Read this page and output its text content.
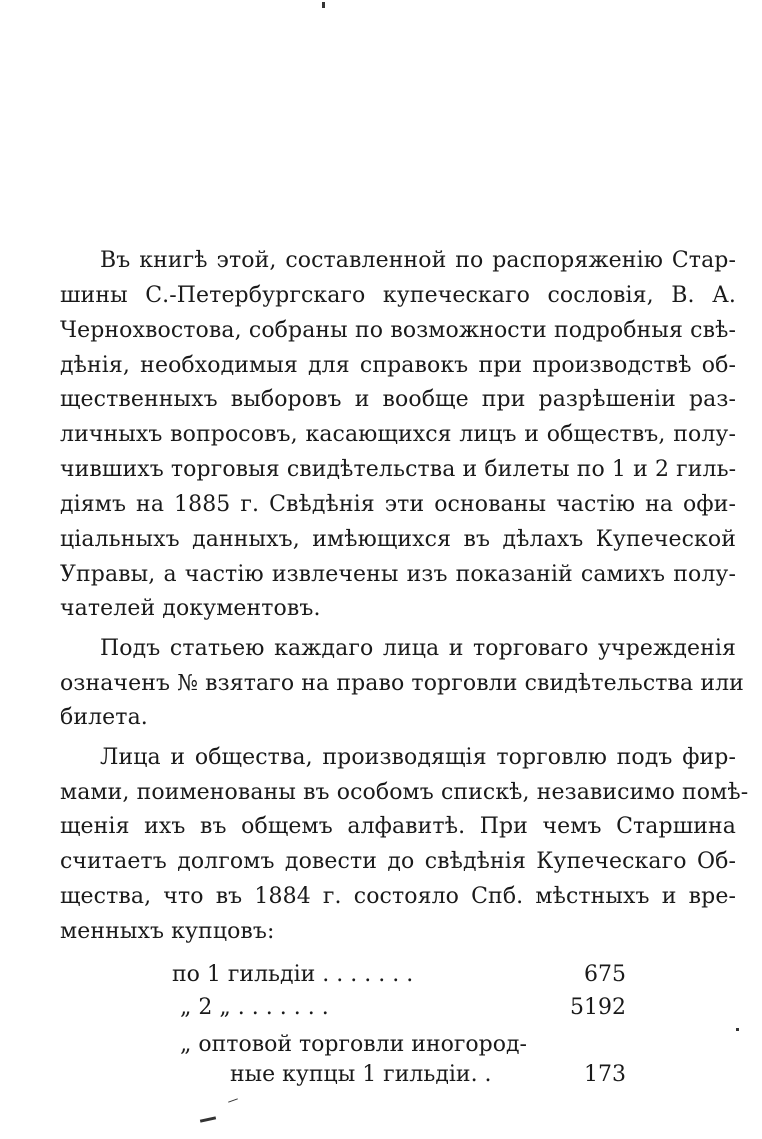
Въ книгѣ этой, составленной по распоряженію Стар-
шины С.-Петербургскаго купеческаго сословія, В. А.
Чернохвостова, собраны по возможности подробныя свѣ-
дѣнія, необходимыя для справокъ при производствѣ об-
щественныхъ выборовъ и вообще при разрѣшеніи раз-
личныхъ вопросовъ, касающихся лицъ и обществъ, полу-
чившихъ торговыя свидѣтельства и билеты по 1 и 2 гиль-
діямъ на 1885 г. Свѣдѣнія эти основаны частію на офи-
ціальныхъ данныхъ, имѣющихся въ дѣлахъ Купеческой
Управы, а частію извлечены изъ показаній самихъ полу-
чателей документовъ.
Подъ статьею каждаго лица и торговаго учрежденія
означенъ № взятаго на право торговли свидѣтельства или
билета.
Лица и общества, производящія торговлю подъ фир-
мами, поименованы въ особомъ спискѣ, независимо помѣ-
щенія ихъ въ общемъ алфавитѣ. При чемъ Старшина
считаетъ долгомъ довести до свѣдѣнія Купеческаго Об-
щества, что въ 1884 г. состояло Спб. мѣстныхъ и вре-
менныхъ купцовъ:
по 1 гильдіи . . . . . . .	675
„ 2 „ . . . . . . .	5192
„ оптовой торговли иногород-
ные купцы 1 гильдіи. .	173
